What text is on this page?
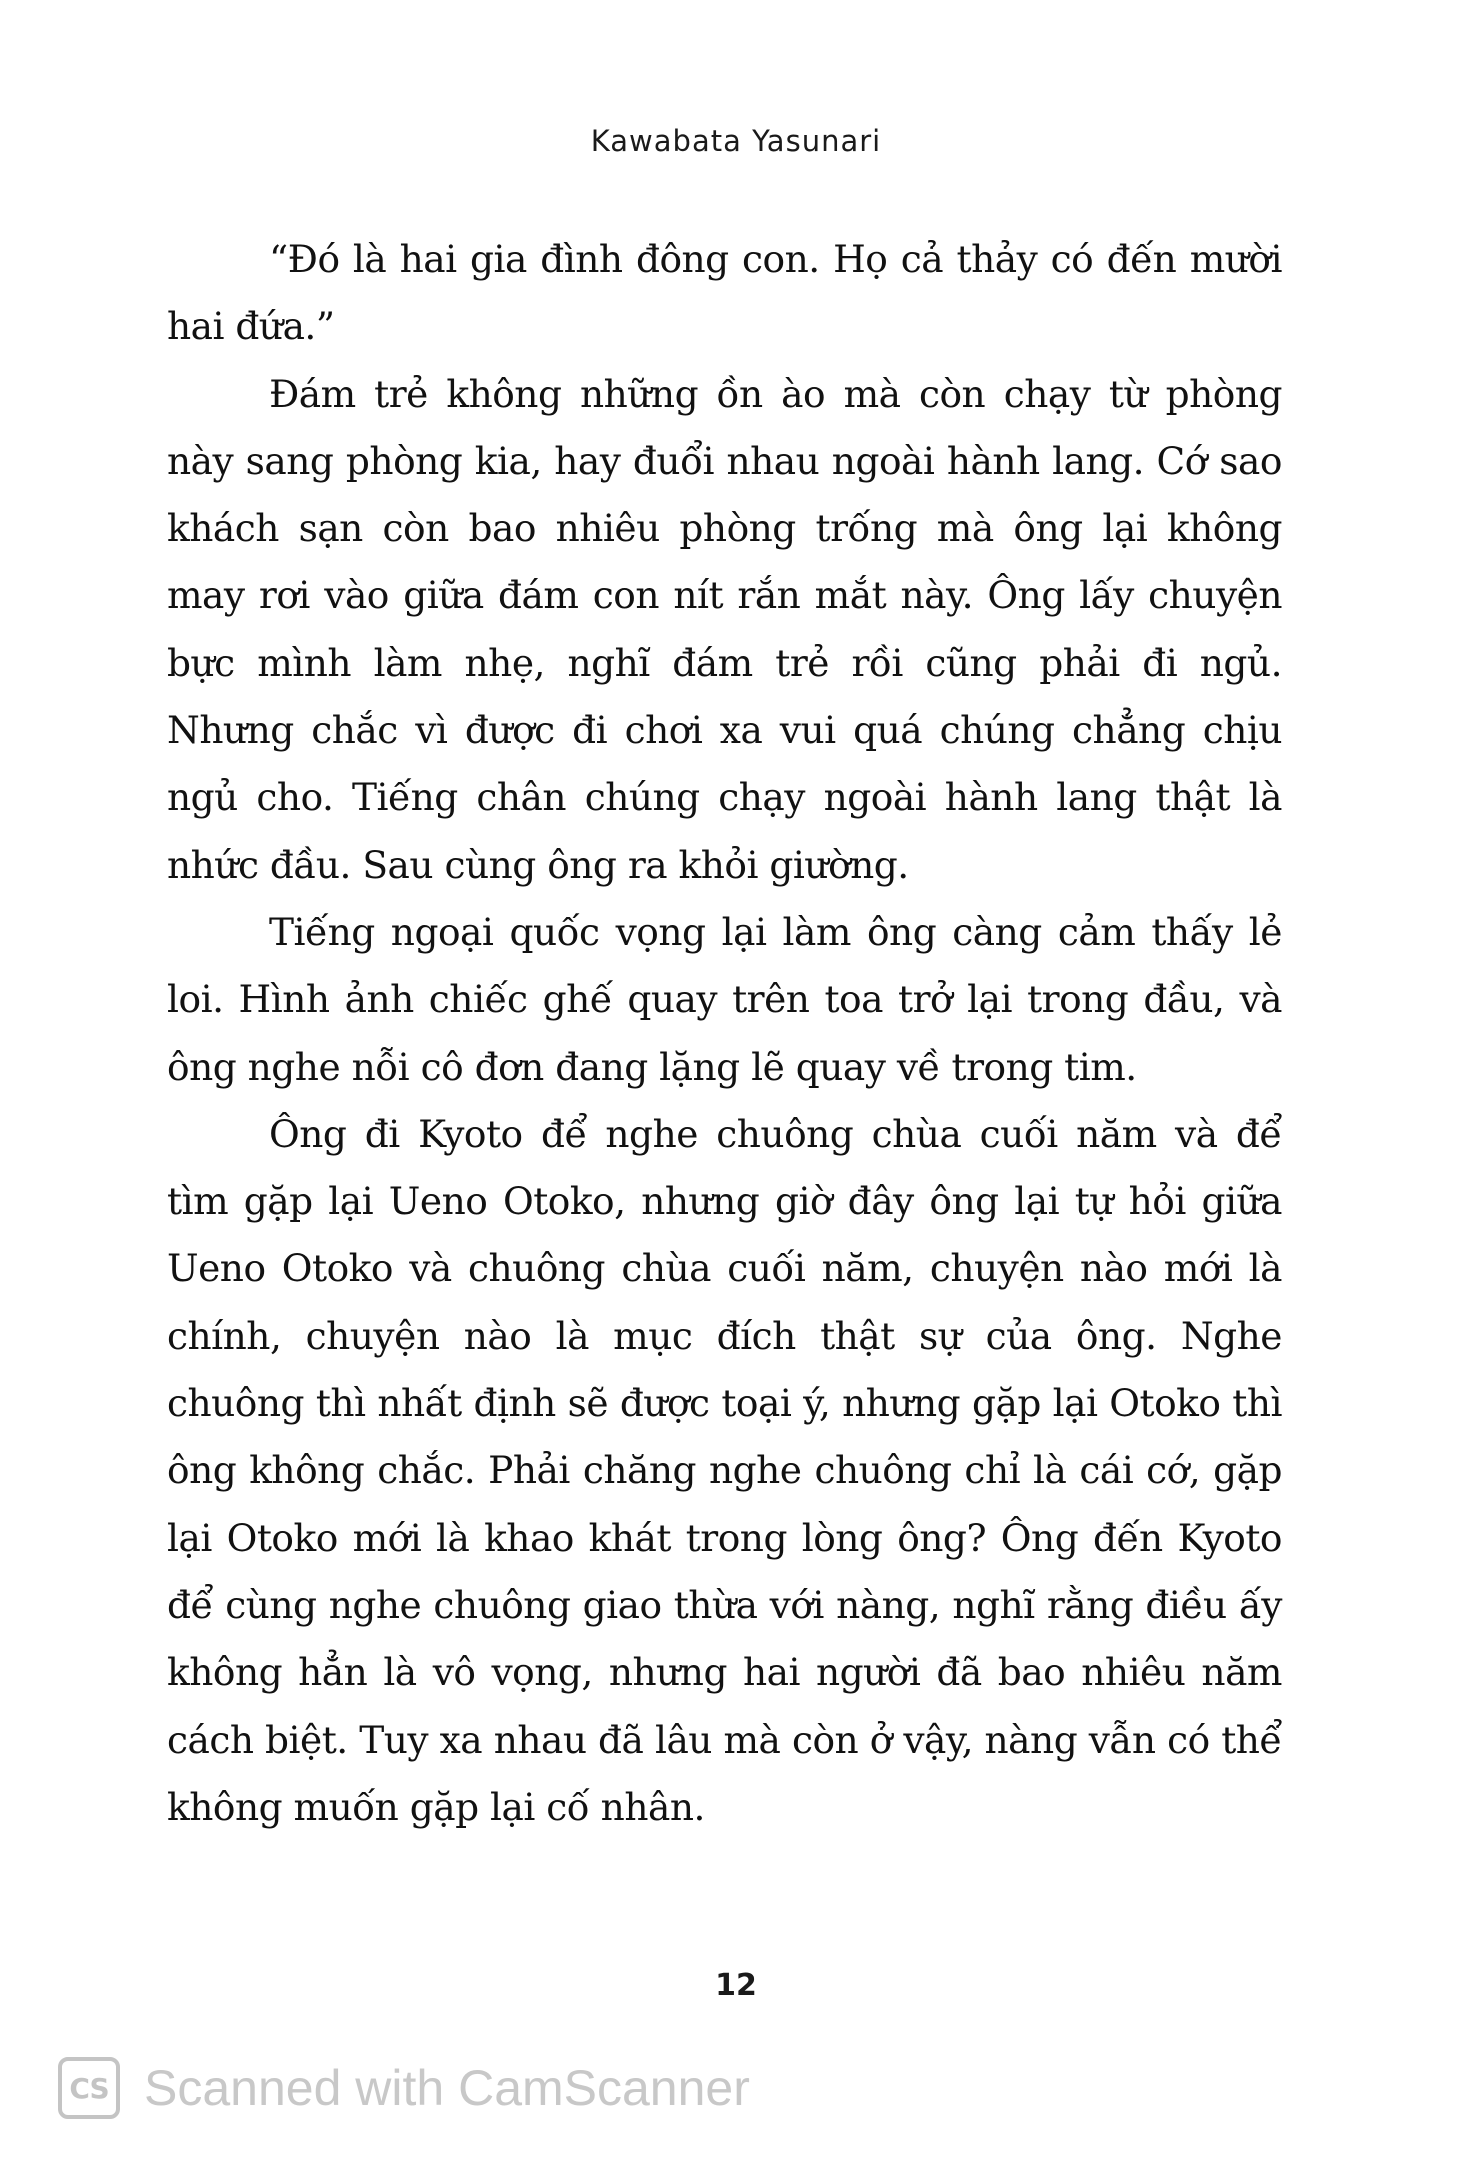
Kawabata Yasunari

“Đó là hai gia đình đông con. Họ cả thảy có đến mười hai đứa.”

Đám trẻ không những ồn ào mà còn chạy từ phòng này sang phòng kia, hay đuổi nhau ngoài hành lang. Cớ sao khách sạn còn bao nhiêu phòng trống mà ông lại không may rơi vào giữa đám con nít rắn mắt này. Ông lấy chuyện bực mình làm nhẹ, nghĩ đám trẻ rồi cũng phải đi ngủ. Nhưng chắc vì được đi chơi xa vui quá chúng chẳng chịu ngủ cho. Tiếng chân chúng chạy ngoài hành lang thật là nhức đầu. Sau cùng ông ra khỏi giường.

Tiếng ngoại quốc vọng lại làm ông càng cảm thấy lẻ loi. Hình ảnh chiếc ghế quay trên toa trở lại trong đầu, và ông nghe nỗi cô đơn đang lặng lẽ quay về trong tim.

Ông đi Kyoto để nghe chuông chùa cuối năm và để tìm gặp lại Ueno Otoko, nhưng giờ đây ông lại tự hỏi giữa Ueno Otoko và chuông chùa cuối năm, chuyện nào mới là chính, chuyện nào là mục đích thật sự của ông. Nghe chuông thì nhất định sẽ được toại ý, nhưng gặp lại Otoko thì ông không chắc. Phải chăng nghe chuông chỉ là cái cớ, gặp lại Otoko mới là khao khát trong lòng ông? Ông đến Kyoto để cùng nghe chuông giao thừa với nàng, nghĩ rằng điều ấy không hẳn là vô vọng, nhưng hai người đã bao nhiêu năm cách biệt. Tuy xa nhau đã lâu mà còn ở vậy, nàng vẫn có thể không muốn gặp lại cố nhân.

12
CS Scanned with CamScanner
